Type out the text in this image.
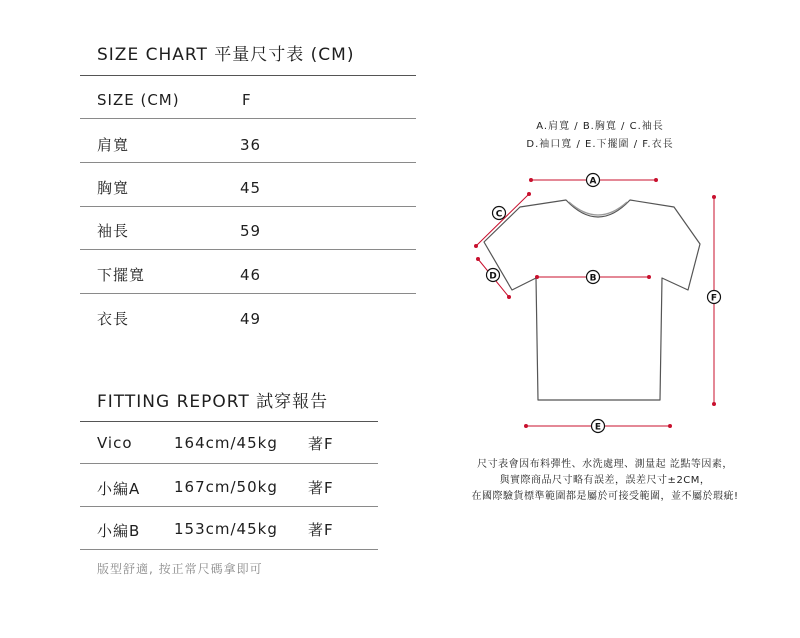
SIZE CHART 平量尺寸表 (CM)
SIZE (CM)	F
肩寬	36
胸寬	45
袖長	59
下擺寬	46
衣長	49
FITTING REPORT 試穿報告
Vico	164cm/45kg 著F
小編A 167cm/50kg 著F
小編B 153cm/45kg 著F
版型舒適, 按正常尺碼拿即可
A.肩寬 / B.胸寬 / C.袖長
D.袖口寬 / E.下擺圍 / F.衣長
A
B
C
D
E
F
尺寸表會因布料彈性、水洗處理、測量起 訖點等因素，
與實際商品尺寸略有誤差，誤差尺寸±2CM，
在國際驗貨標準範圍都是屬於可接受範圍，並不屬於瑕疵!
